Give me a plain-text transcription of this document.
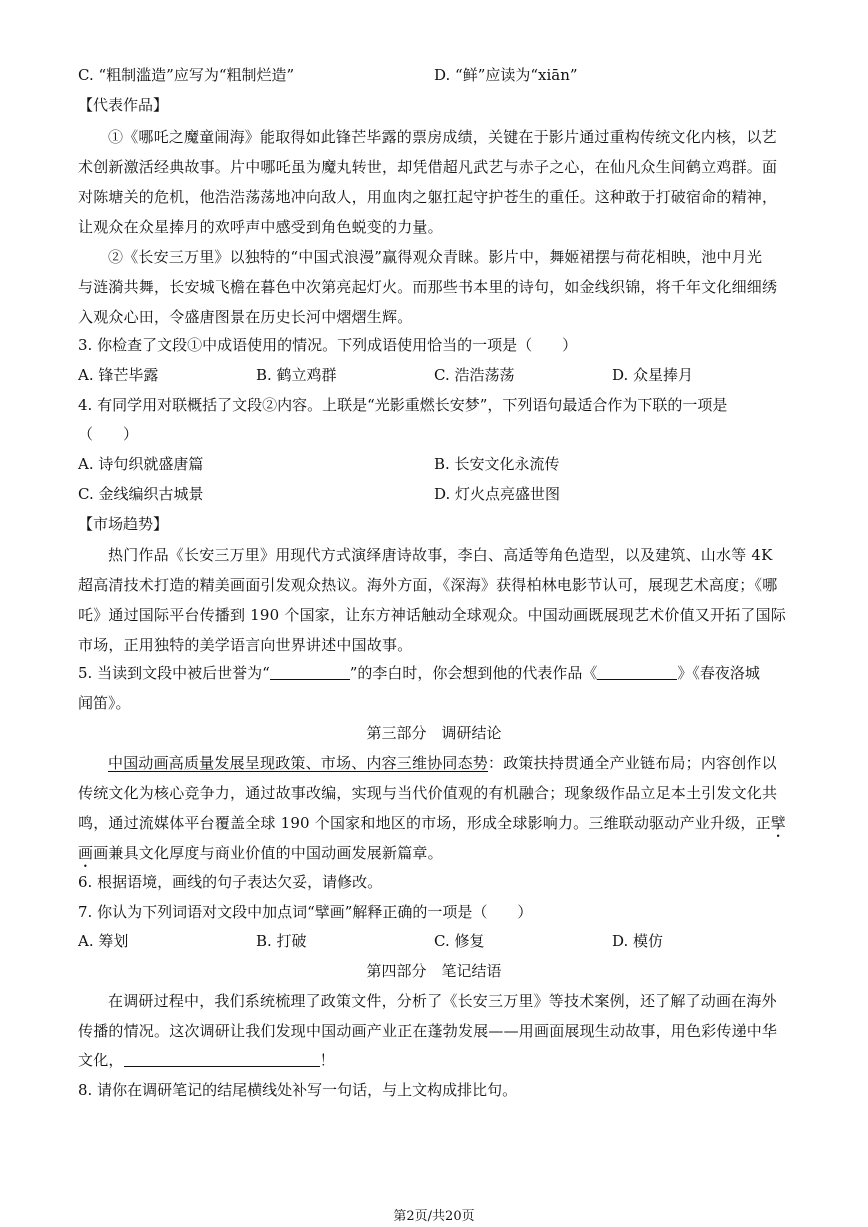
C. “粗制滥造”应写为“粗制烂造”	D. “鲜”应读为“xiān”
【代表作品】
①《哪吒之魔童闹海》能取得如此锋芒毕露的票房成绩，关键在于影片通过重构传统文化内核，以艺
术创新激活经典故事。片中哪吒虽为魔丸转世，却凭借超凡武艺与赤子之心，在仙凡众生间鹤立鸡群。面
对陈塘关的危机，他浩浩荡荡地冲向敌人，用血肉之躯扛起守护苍生的重任。这种敢于打破宿命的精神，
让观众在众星捧月的欢呼声中感受到角色蜕变的力量。
②《长安三万里》以独特的“中国式浪漫”赢得观众青睐。影片中，舞姬裙摆与荷花相映，池中月光
与涟漪共舞，长安城飞檐在暮色中次第亮起灯火。而那些书本里的诗句，如金线织锦，将千年文化细细绣
入观众心田，令盛唐图景在历史长河中熠熠生辉。
3. 你检查了文段①中成语使用的情况。下列成语使用恰当的一项是（　　）
A. 锋芒毕露	B. 鹤立鸡群	C. 浩浩荡荡	D. 众星捧月
4. 有同学用对联概括了文段②内容。上联是“光影重燃长安梦”，下列语句最适合作为下联的一项是
（　　）
A. 诗句织就盛唐篇	B. 长安文化永流传
C. 金线编织古城景	D. 灯火点亮盛世图
【市场趋势】
热门作品《长安三万里》用现代方式演绎唐诗故事，李白、高适等角色造型，以及建筑、山水等 4K
超高清技术打造的精美画面引发观众热议。海外方面，《深海》获得柏林电影节认可，展现艺术高度；《哪
吒》通过国际平台传播到 190 个国家，让东方神话触动全球观众。中国动画既展现艺术价值又开拓了国际
市场，正用独特的美学语言向世界讲述中国故事。
5. 当读到文段中被后世誉为“	”的李白时，你会想到他的代表作品《	》《春夜洛城
闻笛》。
第三部分　调研结论
中国动画高质量发展呈现政策、市场、内容三维协同态势：政策扶持贯通全产业链布局；内容创作以
传统文化为核心竞争力，通过故事改编，实现与当代价值观的有机融合；现象级作品立足本土引发文化共
鸣，通过流媒体平台覆盖全球 190 个国家和地区的市场，形成全球影响力。三维联动驱动产业升级，正擘
画画兼具文化厚度与商业价值的中国动画发展新篇章。
6. 根据语境，画线的句子表达欠妥，请修改。
7. 你认为下列词语对文段中加点词“擘画”解释正确的一项是（　　）
A. 筹划	B. 打破	C. 修复	D. 模仿
第四部分　笔记结语
在调研过程中，我们系统梳理了政策文件，分析了《长安三万里》等技术案例，还了解了动画在海外
传播的情况。这次调研让我们发现中国动画产业正在蓬勃发展——用画面展现生动故事，用色彩传递中华
文化，	！
8. 请你在调研笔记的结尾横线处补写一句话，与上文构成排比句。
第2页/共20页
